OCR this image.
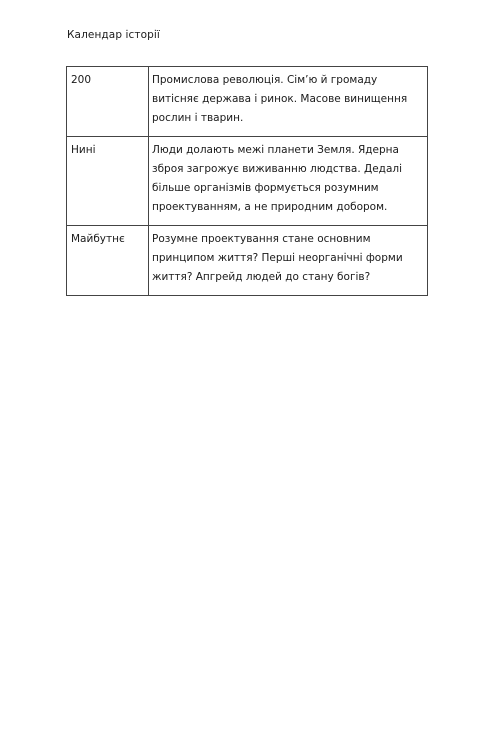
Календар історії
200	Промислова революція. Сім’ю й громаду витісняє держава і ринок. Масове винищення рослин і тварин.
Нині	Люди долають межі планети Земля. Ядерна зброя загрожує виживанню людства. Дедалі більше організмів формується розумним проектуванням, а не природним добором.
Майбутнє	Розумне проектування стане основним принципом життя? Перші неорганічні форми життя? Апгрейд людей до стану богів?
